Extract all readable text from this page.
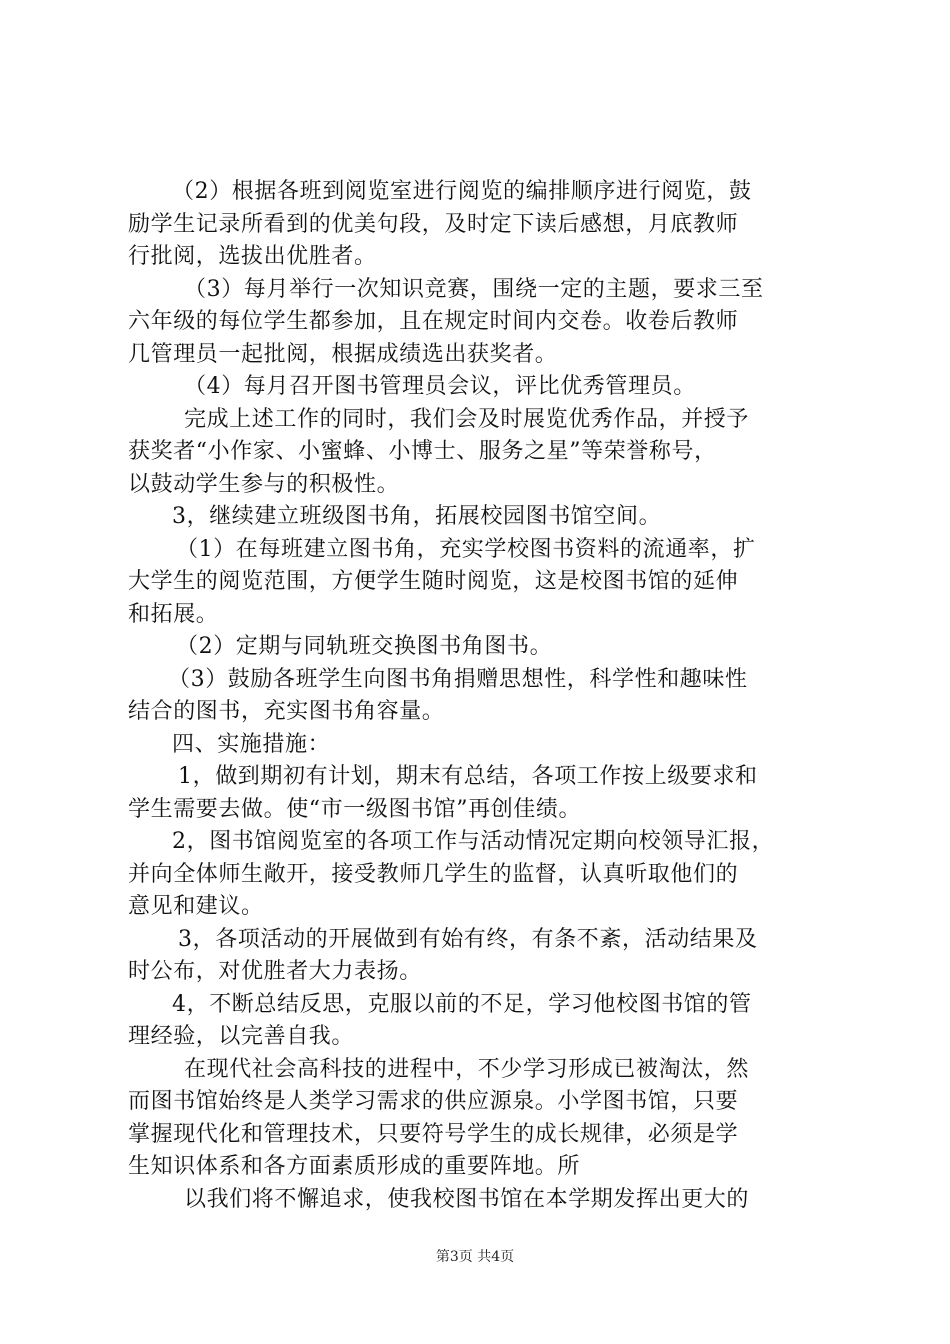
（2）根据各班到阅览室进行阅览的编排顺序进行阅览，鼓
励学生记录所看到的优美句段，及时定下读后感想，月底教师
行批阅，选拔出优胜者。
（3）每月举行一次知识竞赛，围绕一定的主题，要求三至
六年级的每位学生都参加，且在规定时间内交卷。收卷后教师
几管理员一起批阅，根据成绩选出获奖者。
（4）每月召开图书管理员会议，评比优秀管理员。
完成上述工作的同时，我们会及时展览优秀作品，并授予
获奖者“小作家、小蜜蜂、小博士、服务之星”等荣誉称号，
以鼓动学生参与的积极性。
3，继续建立班级图书角，拓展校园图书馆空间。
（1）在每班建立图书角，充实学校图书资料的流通率，扩
大学生的阅览范围，方便学生随时阅览，这是校图书馆的延伸
和拓展。
（2）定期与同轨班交换图书角图书。
（3）鼓励各班学生向图书角捐赠思想性，科学性和趣味性
结合的图书，充实图书角容量。
四、实施措施：
1，做到期初有计划，期末有总结，各项工作按上级要求和
学生需要去做。使“市一级图书馆”再创佳绩。
2，图书馆阅览室的各项工作与活动情况定期向校领导汇报，
并向全体师生敞开，接受教师几学生的监督，认真听取他们的
意见和建议。
3，各项活动的开展做到有始有终，有条不紊，活动结果及
时公布，对优胜者大力表扬。
4，不断总结反思，克服以前的不足，学习他校图书馆的管
理经验，以完善自我。
在现代社会高科技的进程中，不少学习形成已被淘汰，然
而图书馆始终是人类学习需求的供应源泉。小学图书馆，只要
掌握现代化和管理技术，只要符号学生的成长规律，必须是学
生知识体系和各方面素质形成的重要阵地。所
以我们将不懈追求，使我校图书馆在本学期发挥出更大的
第3页 共4页
